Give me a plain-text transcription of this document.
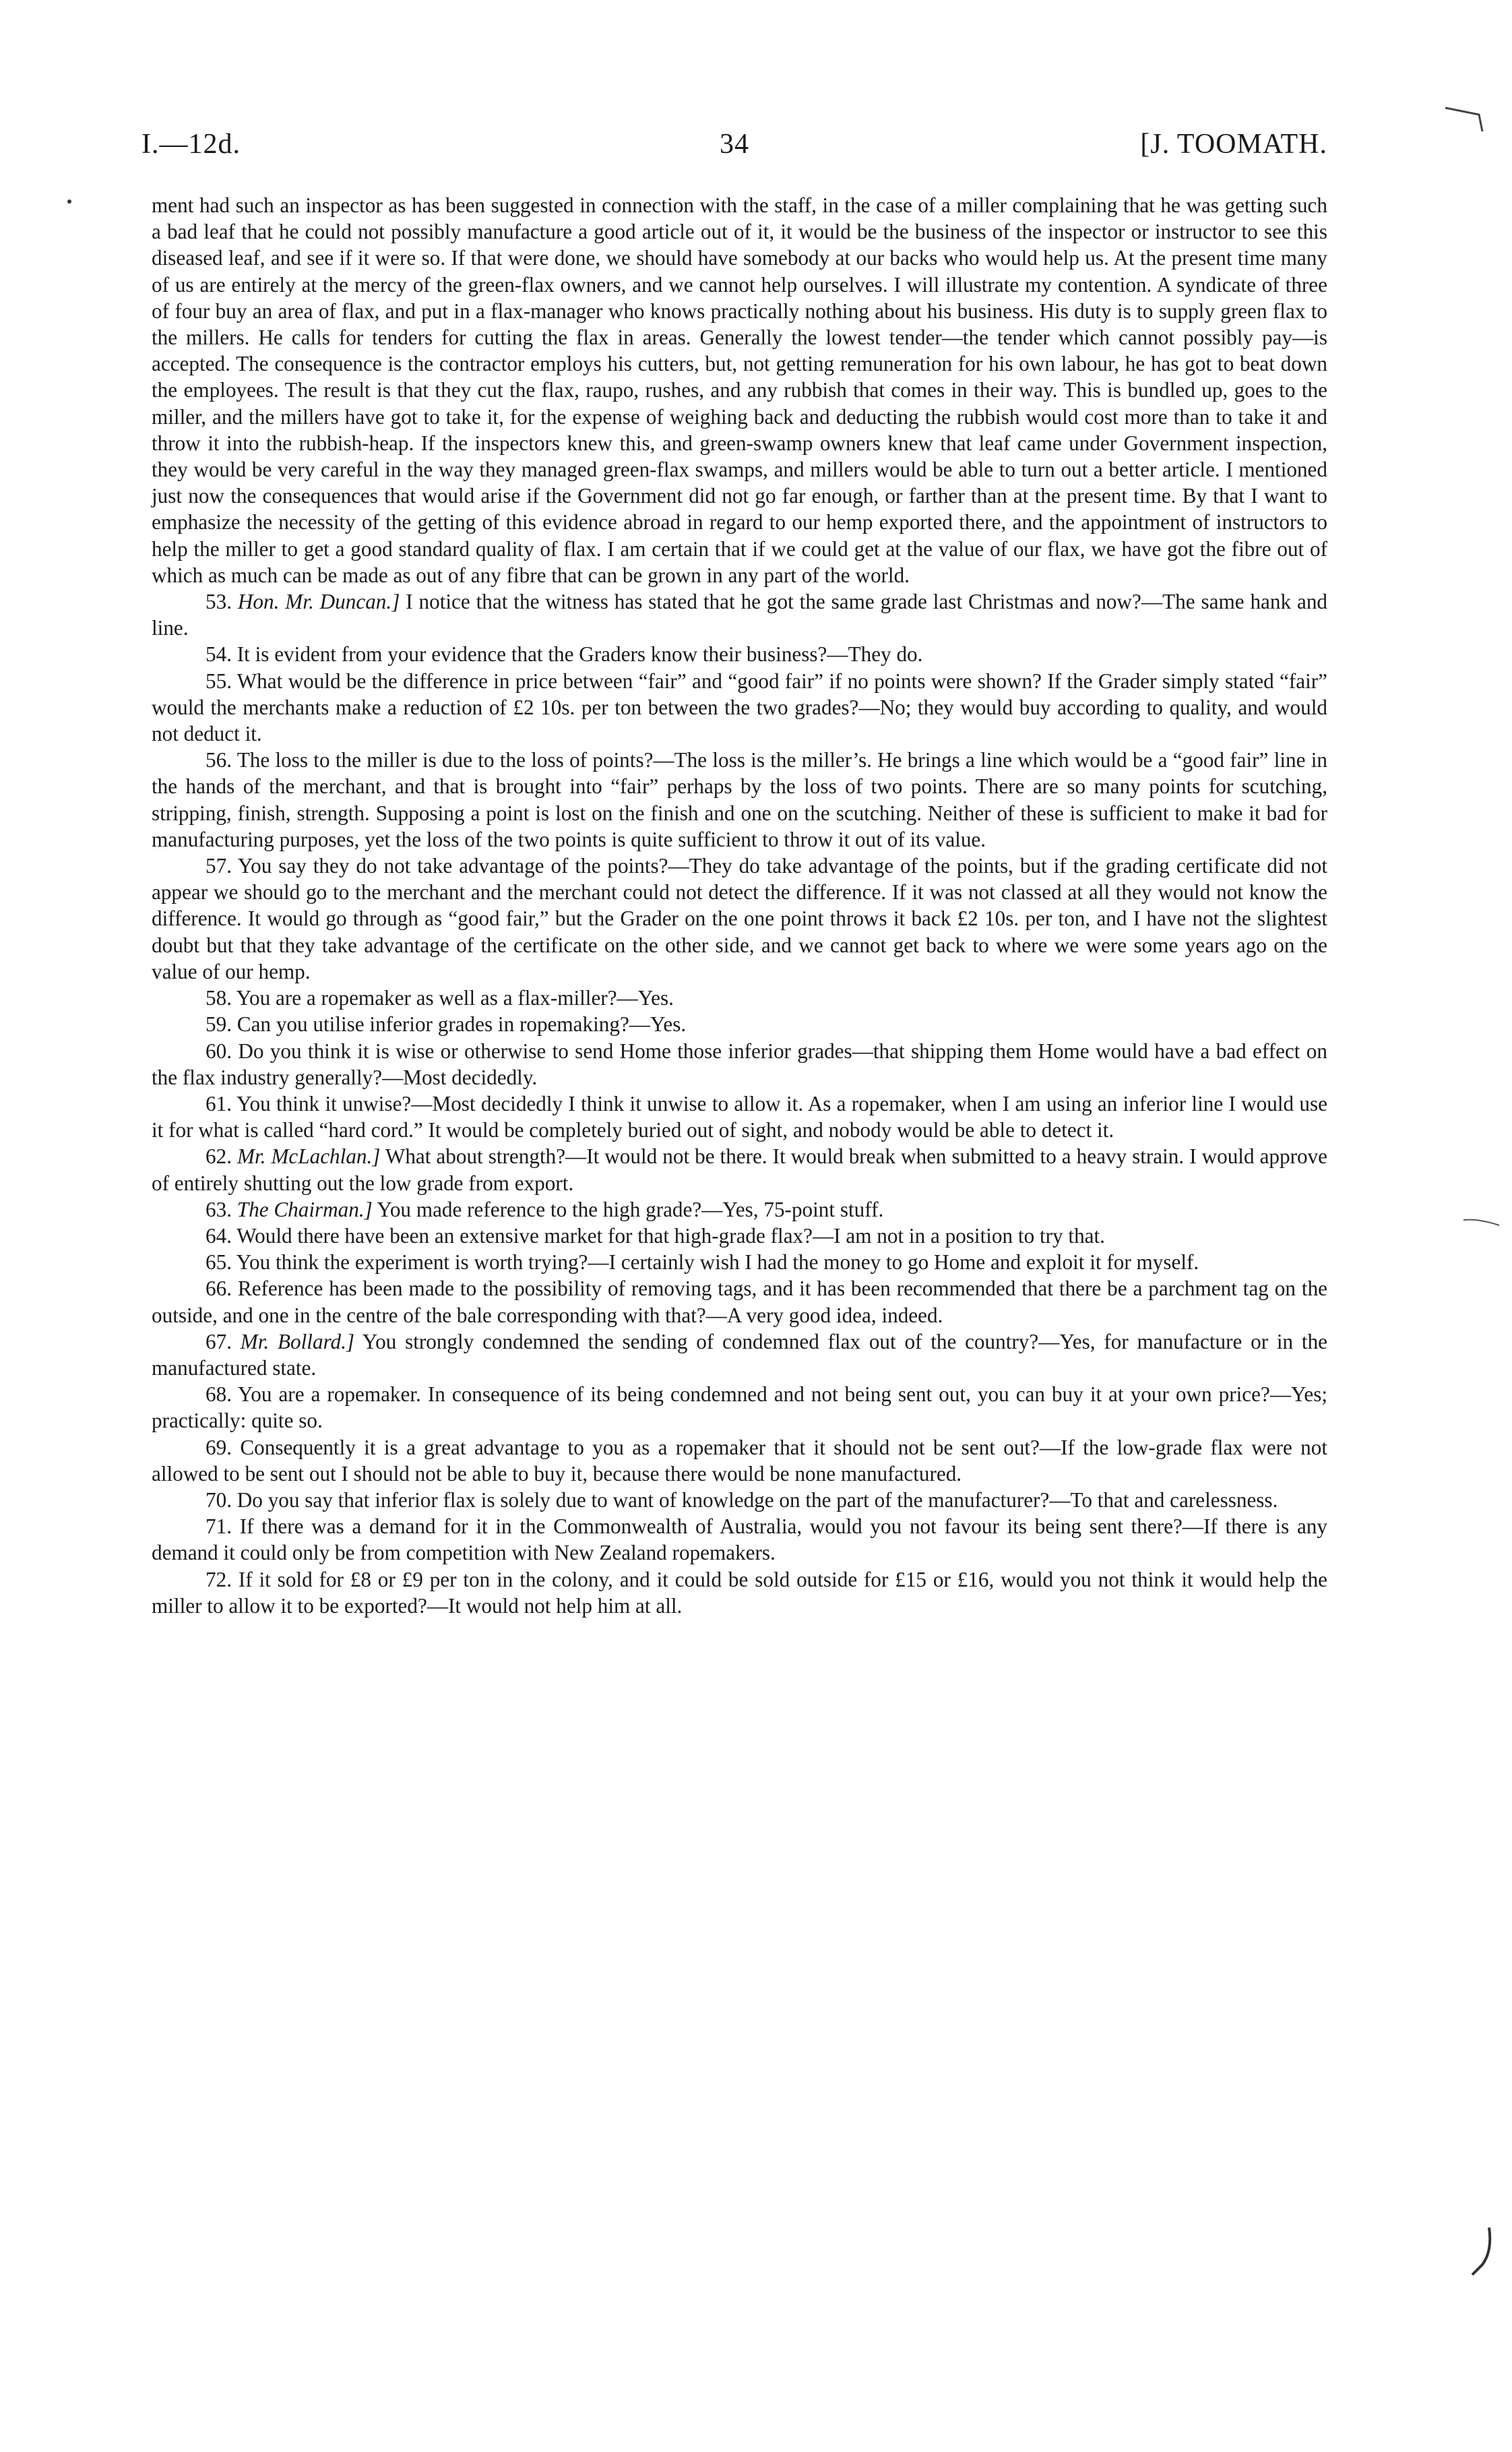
I.—12d.	34	[J. TOOMATH.

ment had such an inspector as has been suggested in connection with the staff, in the case of a miller complaining that he was getting such a bad leaf that he could not possibly manufacture a good article out of it, it would be the business of the inspector or instructor to see this diseased leaf, and see if it were so. If that were done, we should have somebody at our backs who would help us. At the present time many of us are entirely at the mercy of the green-flax owners, and we cannot help ourselves. I will illustrate my contention. A syndicate of three of four buy an area of flax, and put in a flax-manager who knows practically nothing about his business. His duty is to supply green flax to the millers. He calls for tenders for cutting the flax in areas. Generally the lowest tender—the tender which cannot possibly pay—is accepted. The consequence is the contractor employs his cutters, but, not getting remuneration for his own labour, he has got to beat down the employees. The result is that they cut the flax, raupo, rushes, and any rubbish that comes in their way. This is bundled up, goes to the miller, and the millers have got to take it, for the expense of weighing back and deducting the rubbish would cost more than to take it and throw it into the rubbish-heap. If the inspectors knew this, and green-swamp owners knew that leaf came under Government inspection, they would be very careful in the way they managed green-flax swamps, and millers would be able to turn out a better article. I mentioned just now the consequences that would arise if the Government did not go far enough, or farther than at the present time. By that I want to emphasize the necessity of the getting of this evidence abroad in regard to our hemp exported there, and the appointment of instructors to help the miller to get a good standard quality of flax. I am certain that if we could get at the value of our flax, we have got the fibre out of which as much can be made as out of any fibre that can be grown in any part of the world.

53. Hon. Mr. Duncan.] I notice that the witness has stated that he got the same grade last Christmas and now?—The same hank and line.

54. It is evident from your evidence that the Graders know their business?—They do.

55. What would be the difference in price between “fair” and “good fair” if no points were shown? If the Grader simply stated “fair” would the merchants make a reduction of £2 10s. per ton between the two grades?—No; they would buy according to quality, and would not deduct it.

56. The loss to the miller is due to the loss of points?—The loss is the miller’s. He brings a line which would be a “good fair” line in the hands of the merchant, and that is brought into “fair” perhaps by the loss of two points. There are so many points for scutching, stripping, finish, strength. Supposing a point is lost on the finish and one on the scutching. Neither of these is sufficient to make it bad for manufacturing purposes, yet the loss of the two points is quite sufficient to throw it out of its value.

57. You say they do not take advantage of the points?—They do take advantage of the points, but if the grading certificate did not appear we should go to the merchant and the merchant could not detect the difference. If it was not classed at all they would not know the difference. It would go through as “good fair,” but the Grader on the one point throws it back £2 10s. per ton, and I have not the slightest doubt but that they take advantage of the certificate on the other side, and we cannot get back to where we were some years ago on the value of our hemp.

58. You are a ropemaker as well as a flax-miller?—Yes.

59. Can you utilise inferior grades in ropemaking?—Yes.

60. Do you think it is wise or otherwise to send Home those inferior grades—that shipping them Home would have a bad effect on the flax industry generally?—Most decidedly.

61. You think it unwise?—Most decidedly I think it unwise to allow it. As a ropemaker, when I am using an inferior line I would use it for what is called “hard cord.” It would be completely buried out of sight, and nobody would be able to detect it.

62. Mr. McLachlan.] What about strength?—It would not be there. It would break when submitted to a heavy strain. I would approve of entirely shutting out the low grade from export.

63. The Chairman.] You made reference to the high grade?—Yes, 75-point stuff.

64. Would there have been an extensive market for that high-grade flax?—I am not in a position to try that.

65. You think the experiment is worth trying?—I certainly wish I had the money to go Home and exploit it for myself.

66. Reference has been made to the possibility of removing tags, and it has been recommended that there be a parchment tag on the outside, and one in the centre of the bale corresponding with that?—A very good idea, indeed.

67. Mr. Bollard.] You strongly condemned the sending of condemned flax out of the country?—Yes, for manufacture or in the manufactured state.

68. You are a ropemaker. In consequence of its being condemned and not being sent out, you can buy it at your own price?—Yes; practically: quite so.

69. Consequently it is a great advantage to you as a ropemaker that it should not be sent out?—If the low-grade flax were not allowed to be sent out I should not be able to buy it, because there would be none manufactured.

70. Do you say that inferior flax is solely due to want of knowledge on the part of the manufacturer?—To that and carelessness.

71. If there was a demand for it in the Commonwealth of Australia, would you not favour its being sent there?—If there is any demand it could only be from competition with New Zealand ropemakers.

72. If it sold for £8 or £9 per ton in the colony, and it could be sold outside for £15 or £16, would you not think it would help the miller to allow it to be exported?—It would not help him at all.
